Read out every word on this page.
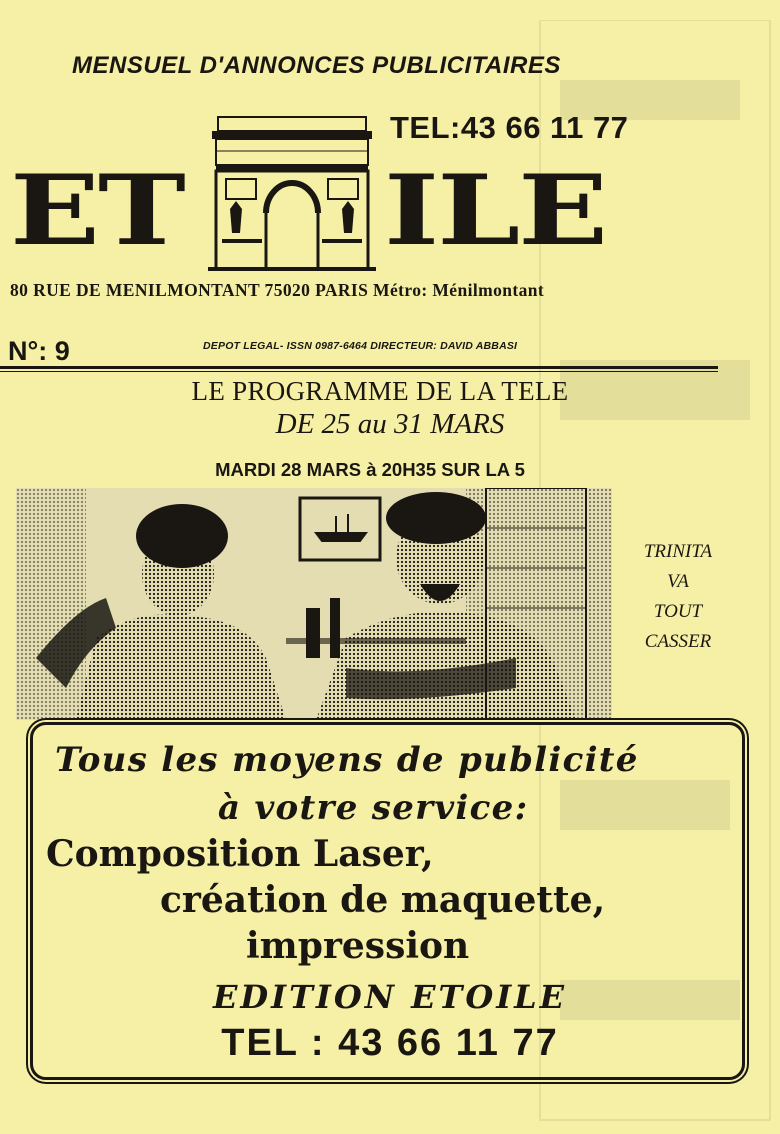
MENSUEL D'ANNONCES PUBLICITAIRES
TEL:43 66 11 77
ET ILE
80 RUE DE MENILMONTANT 75020 PARIS Métro: Ménilmontant
N°: 9	DEPOT LEGAL- ISSN 0987-6464 DIRECTEUR: DAVID ABBASI
LE PROGRAMME DE LA TELE
DE 25 au 31 MARS
MARDI 28 MARS à 20H35 SUR LA 5
TRINITA
VA
TOUT
CASSER
Tous les moyens de publicité
à votre service:
Composition Laser,
création de maquette,
impression
EDITION ETOILE
TEL : 43 66 11 77
